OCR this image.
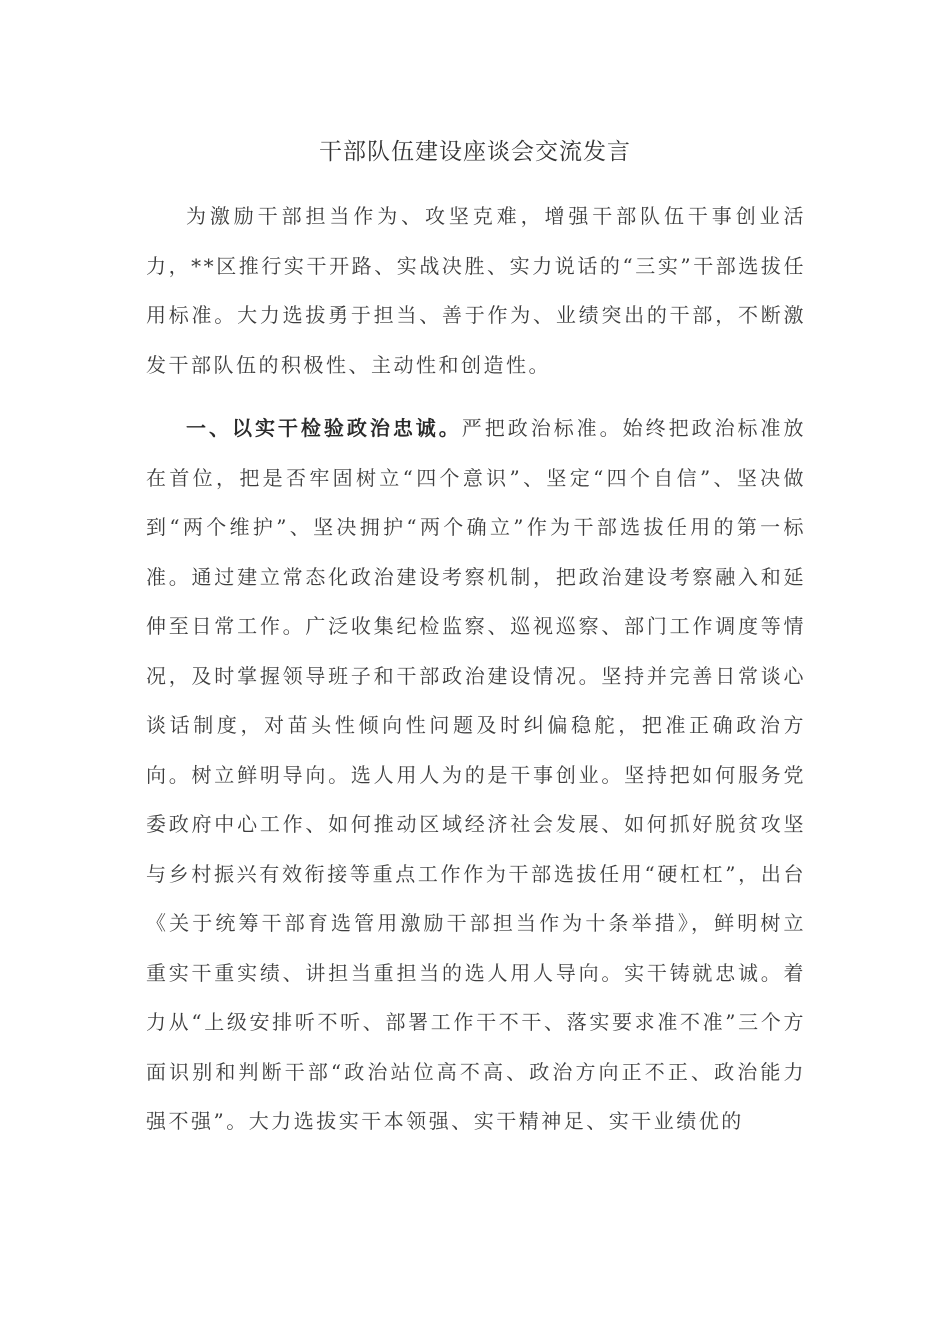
干部队伍建设座谈会交流发言

为激励干部担当作为、攻坚克难，增强干部队伍干事创业活力，**区推行实干开路、实战决胜、实力说话的“三实”干部选拔任用标准。大力选拔勇于担当、善于作为、业绩突出的干部，不断激发干部队伍的积极性、主动性和创造性。

一、以实干检验政治忠诚。严把政治标准。始终把政治标准放在首位，把是否牢固树立“四个意识”、坚定“四个自信”、坚决做到“两个维护”、坚决拥护“两个确立”作为干部选拔任用的第一标准。通过建立常态化政治建设考察机制，把政治建设考察融入和延伸至日常工作。广泛收集纪检监察、巡视巡察、部门工作调度等情况，及时掌握领导班子和干部政治建设情况。坚持并完善日常谈心谈话制度，对苗头性倾向性问题及时纠偏稳舵，把准正确政治方向。树立鲜明导向。选人用人为的是干事创业。坚持把如何服务党委政府中心工作、如何推动区域经济社会发展、如何抓好脱贫攻坚与乡村振兴有效衔接等重点工作作为干部选拔任用“硬杠杠”，出台《关于统筹干部育选管用激励干部担当作为十条举措》，鲜明树立重实干重实绩、讲担当重担当的选人用人导向。实干铸就忠诚。着力从“上级安排听不听、部署工作干不干、落实要求准不准”三个方面识别和判断干部“政治站位高不高、政治方向正不正、政治能力强不强”。大力选拔实干本领强、实干精神足、实干业绩优的
